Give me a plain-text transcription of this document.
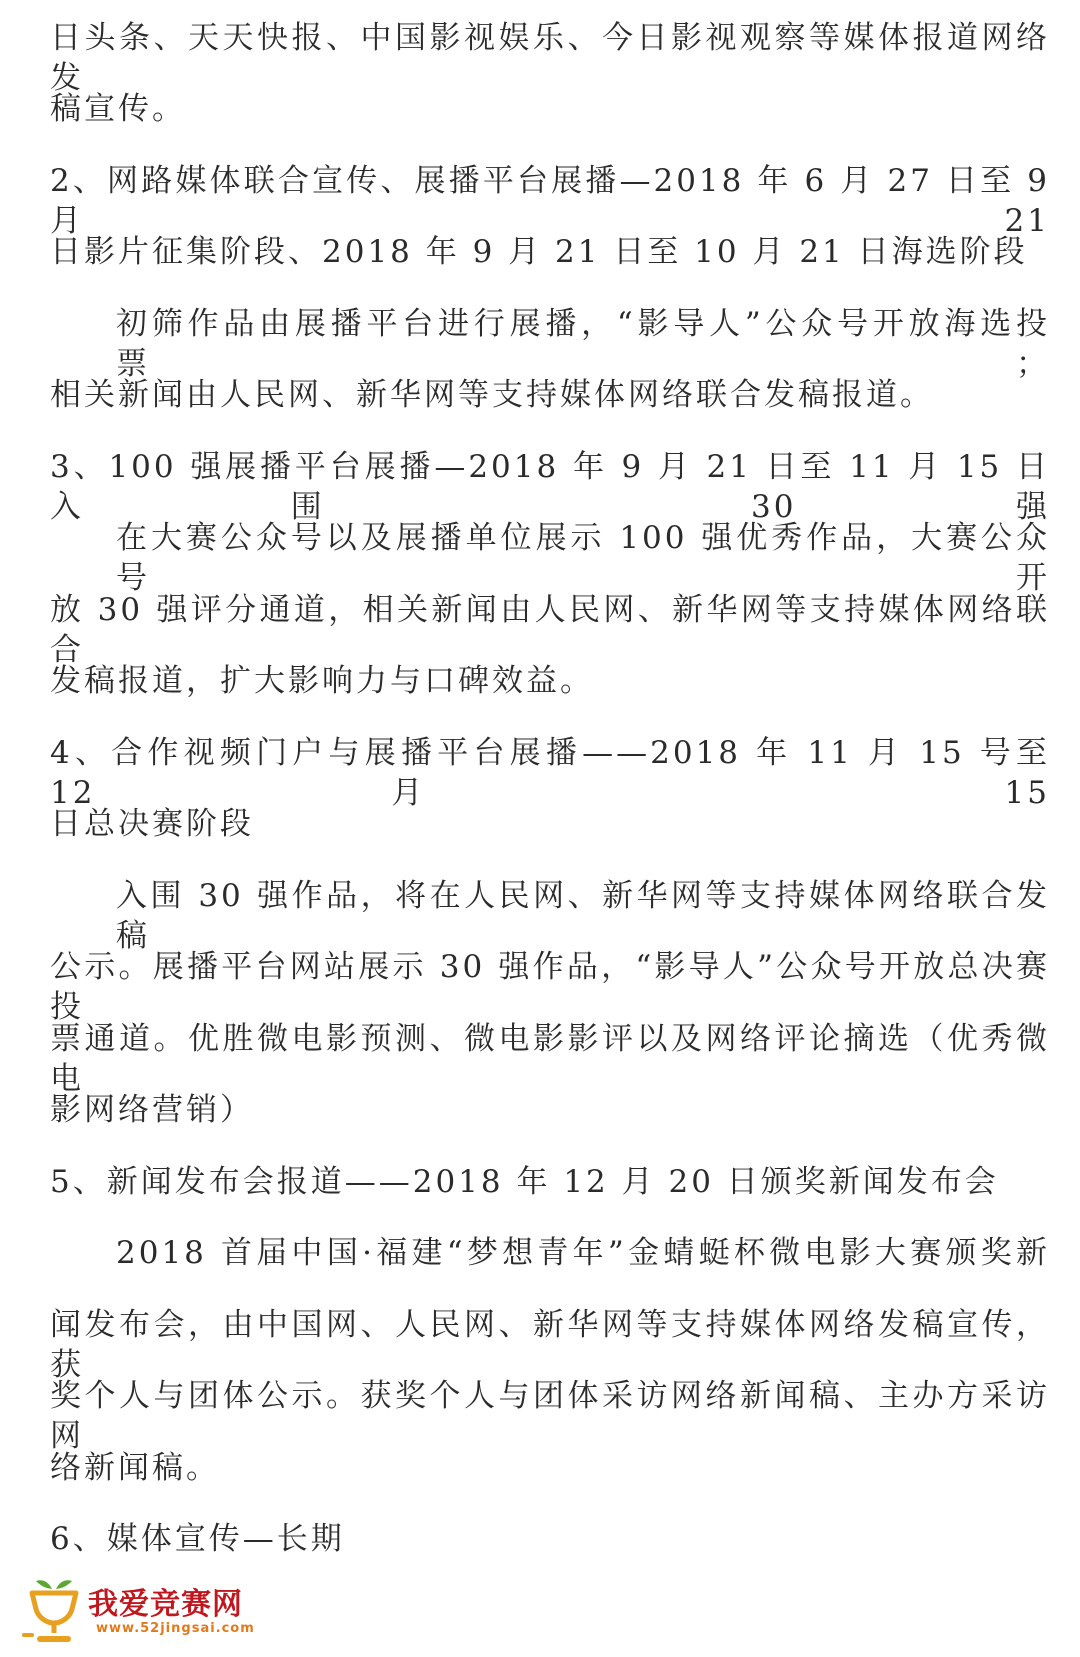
日头条、天天快报、中国影视娱乐、今日影视观察等媒体报道网络发
稿宣传。
2、网路媒体联合宣传、展播平台展播—2018 年 6 月 27 日至 9 月 21
日影片征集阶段、2018 年 9 月 21 日至 10 月 21 日海选阶段
初筛作品由展播平台进行展播，“影导人”公众号开放海选投票；
相关新闻由人民网、新华网等支持媒体网络联合发稿报道。
3、100 强展播平台展播—2018 年 9 月 21 日至 11 月 15 日入围 30 强
在大赛公众号以及展播单位展示 100 强优秀作品，大赛公众号开
放 30 强评分通道，相关新闻由人民网、新华网等支持媒体网络联合
发稿报道，扩大影响力与口碑效益。
4、合作视频门户与展播平台展播——2018 年 11 月 15 号至 12 月 15
日总决赛阶段
入围 30 强作品，将在人民网、新华网等支持媒体网络联合发稿
公示。展播平台网站展示 30 强作品，“影导人”公众号开放总决赛投
票通道。优胜微电影预测、微电影影评以及网络评论摘选（优秀微电
影网络营销）
5、新闻发布会报道——2018 年 12 月 20 日颁奖新闻发布会
2018 首届中国·福建“梦想青年”金蜻蜓杯微电影大赛颁奖新
闻发布会，由中国网、人民网、新华网等支持媒体网络发稿宣传，获
奖个人与团体公示。获奖个人与团体采访网络新闻稿、主办方采访网
络新闻稿。
6、媒体宣传—长期
我爱竞赛网
www.52jingsai.com
